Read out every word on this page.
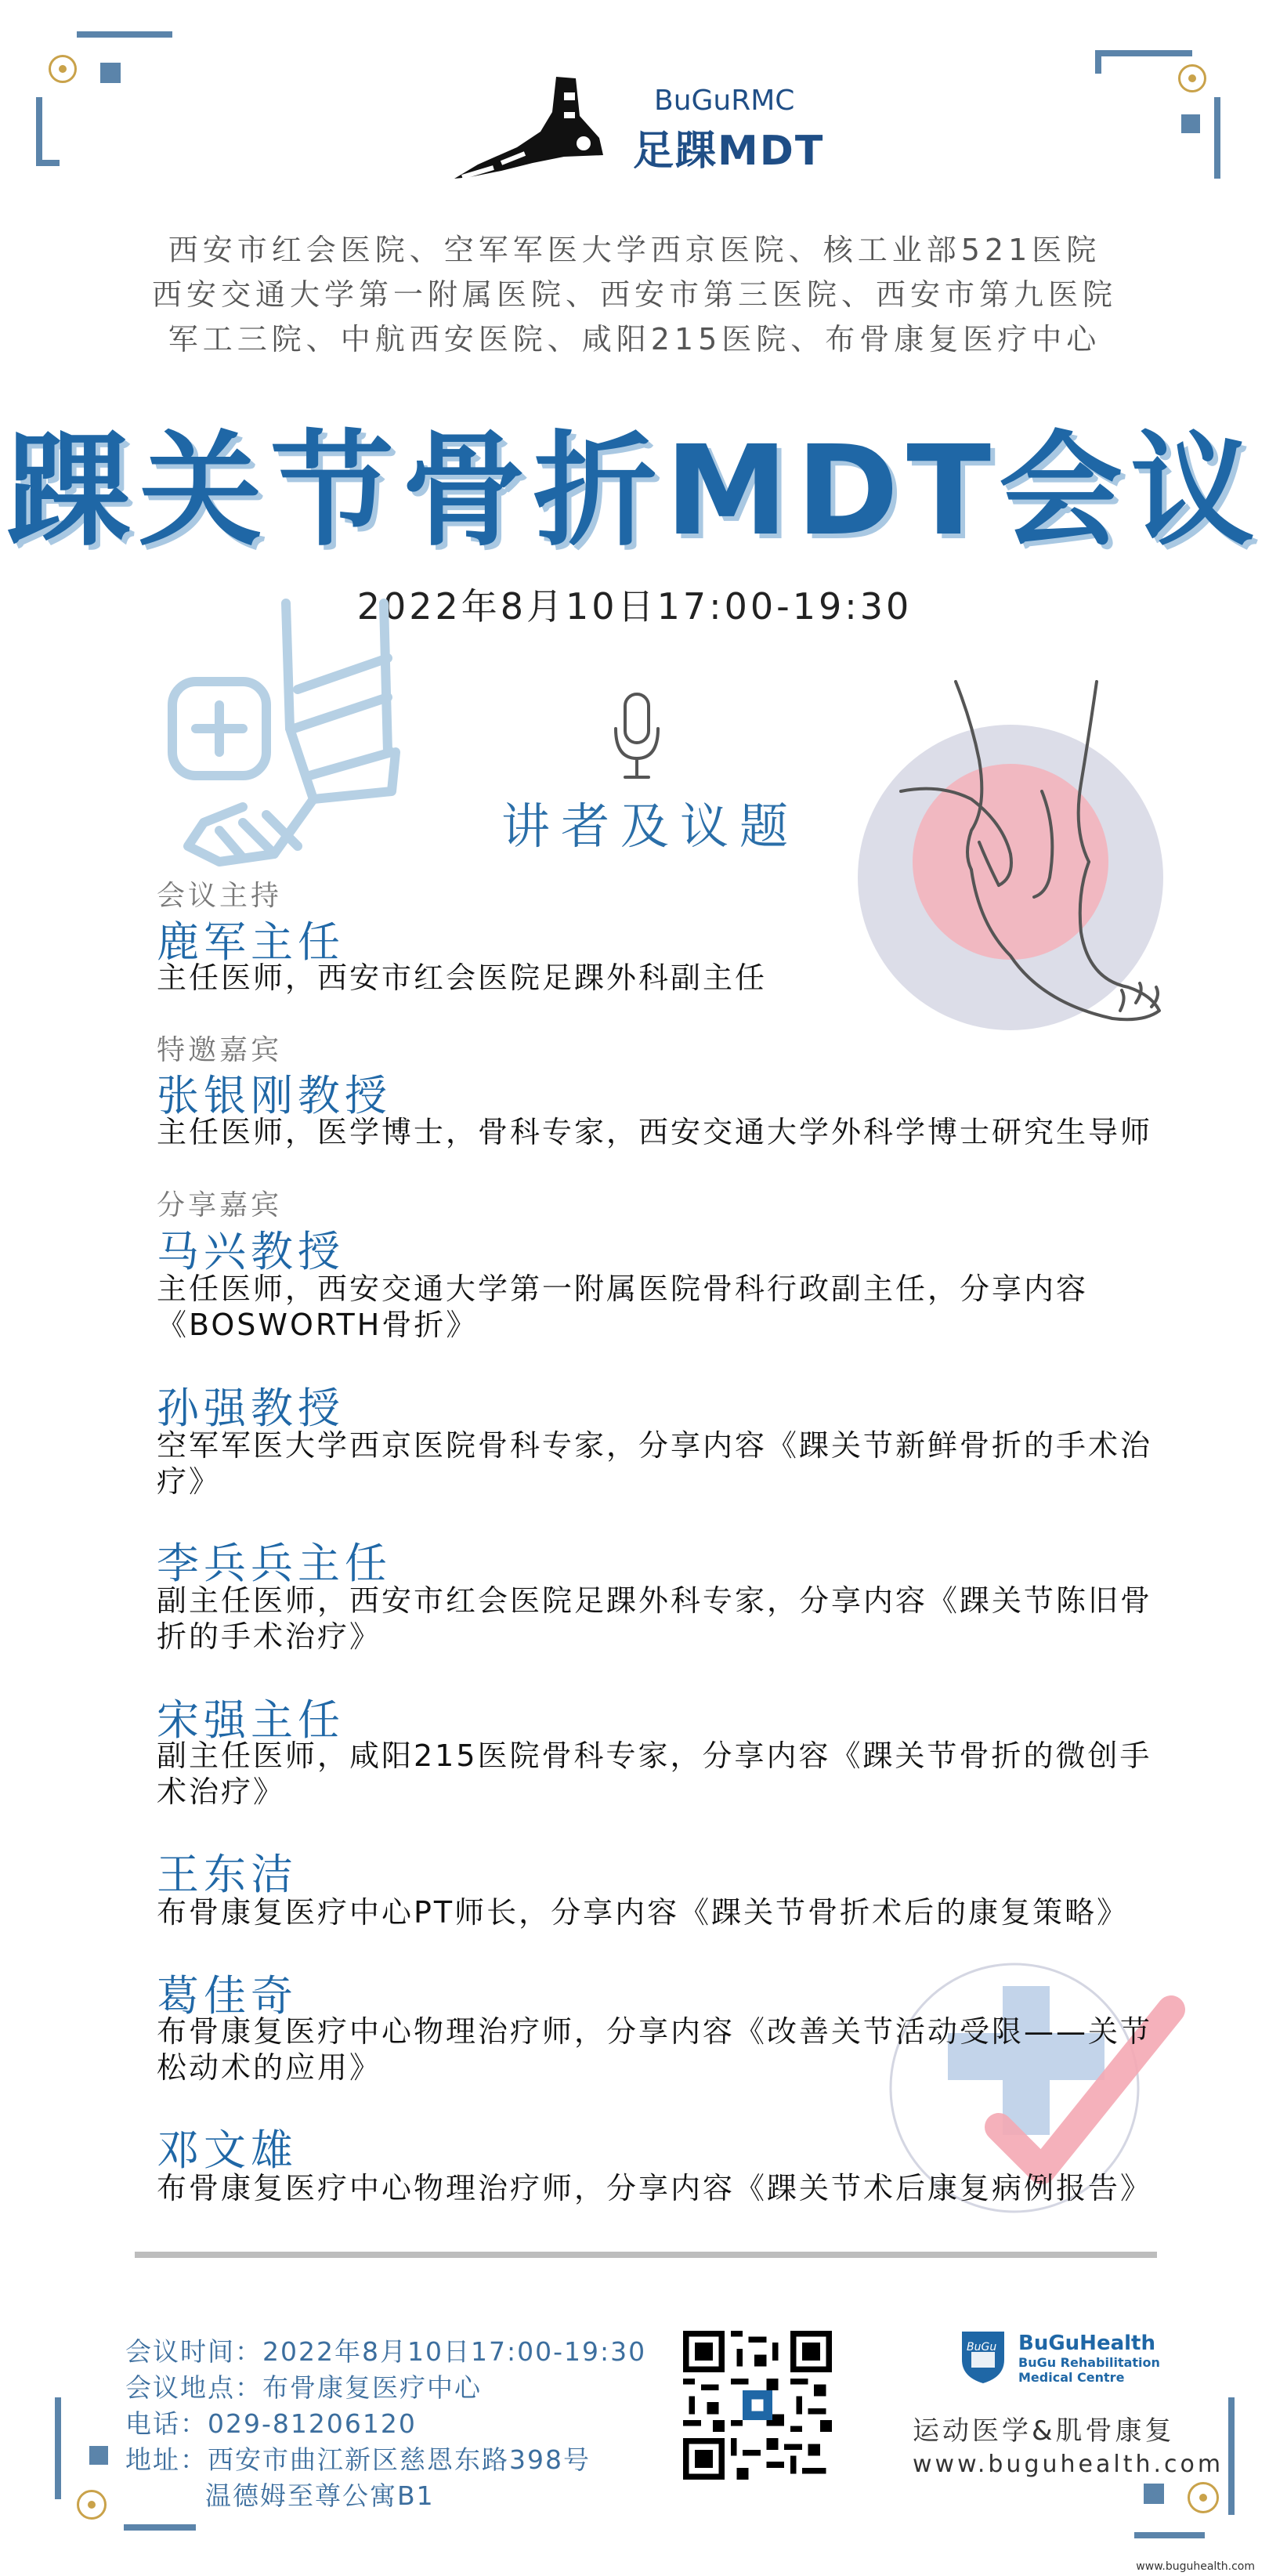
BuGuRMC
足踝MDT
西安市红会医院、空军军医大学西京医院、核工业部521医院
西安交通大学第一附属医院、西安市第三医院、西安市第九医院
军工三院、中航西安医院、咸阳215医院、布骨康复医疗中心
踝关节骨折MDT会议
2022年8月10日17:00-19:30
讲者及议题
会议主持
特邀嘉宾
分享嘉宾
鹿军主任
主任医师，西安市红会医院足踝外科副主任
张银刚教授
主任医师，医学博士，骨科专家，西安交通大学外科学博士研究生导师
马兴教授
主任医师，西安交通大学第一附属医院骨科行政副主任，分享内容《BOSWORTH骨折》
孙强教授
空军军医大学西京医院骨科专家，分享内容《踝关节新鲜骨折的手术治疗》
李兵兵主任
副主任医师，西安市红会医院足踝外科专家，分享内容《踝关节陈旧骨折的手术治疗》
宋强主任
副主任医师，咸阳215医院骨科专家，分享内容《踝关节骨折的微创手术治疗》
王东洁
布骨康复医疗中心PT师长，分享内容《踝关节骨折术后的康复策略》
葛佳奇
布骨康复医疗中心物理治疗师，分享内容《改善关节活动受限——关节松动术的应用》
邓文雄
布骨康复医疗中心物理治疗师，分享内容《踝关节术后康复病例报告》
会议时间：2022年8月10日17:00-19:30
会议地点：布骨康复医疗中心
电话：029-81206120
地址：西安市曲江新区慈恩东路398号
温德姆至尊公寓B1
BuGu BuGuHealth
BuGu Rehabilitation
Medical Centre
运动医学&肌骨康复
www.buguhealth.com
www.buguhealth.com
